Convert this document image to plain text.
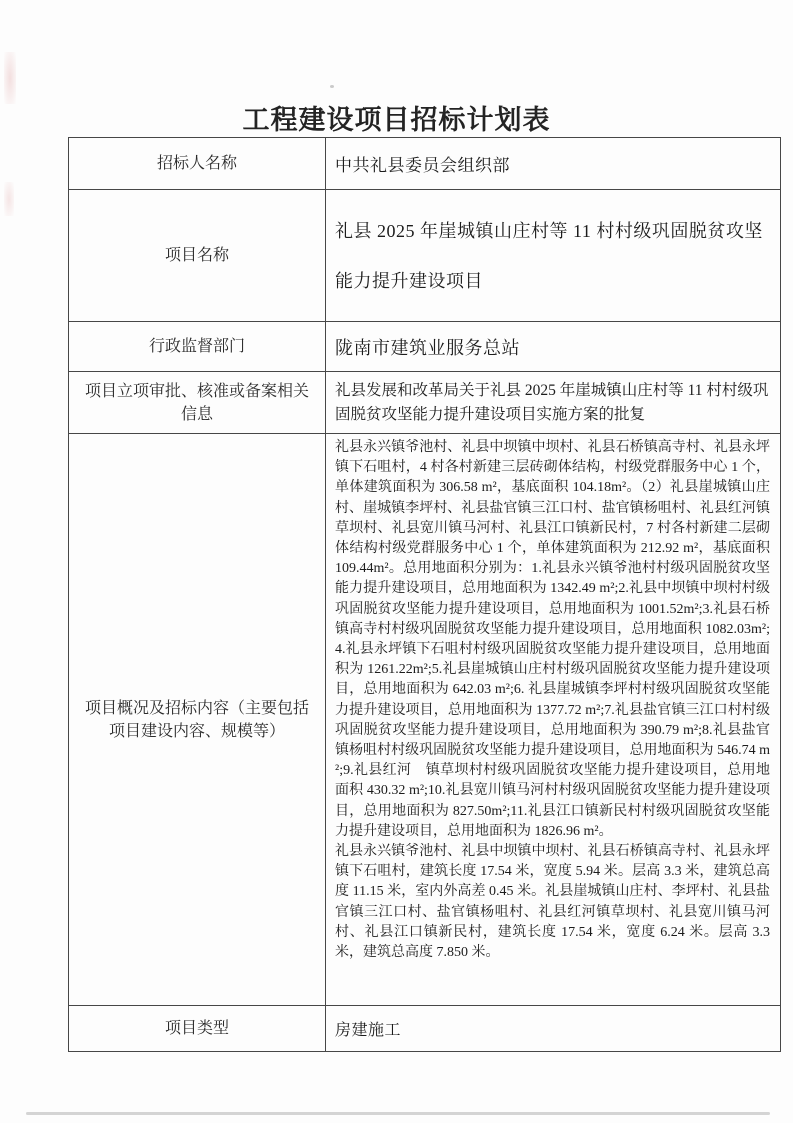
工程建设项目招标计划表
招标人名称	中共礼县委员会组织部
项目名称	礼县 2025 年崖城镇山庄村等 11 村村级巩固脱贫攻坚能力提升建设项目
行政监督部门	陇南市建筑业服务总站
项目立项审批、核准或备案相关信息	礼县发展和改革局关于礼县 2025 年崖城镇山庄村等 11 村村级巩固脱贫攻坚能力提升建设项目实施方案的批复
项目概况及招标内容（主要包括项目建设内容、规模等）	礼县永兴镇爷池村、礼县中坝镇中坝村、礼县石桥镇高寺村、礼县永坪镇下石咀村，4 村各村新建三层砖砌体结构，村级党群服务中心 1 个，单体建筑面积为 306.58 m²，基底面积 104.18m²。（2）礼县崖城镇山庄村、崖城镇李坪村、礼县盐官镇三江口村、盐官镇杨咀村、礼县红河镇草坝村、礼县宽川镇马河村、礼县江口镇新民村，7 村各村新建二层砌体结构村级党群服务中心 1 个，单体建筑面积为 212.92 m²，基底面积 109.44m²。总用地面积分别为：1.礼县永兴镇爷池村村级巩固脱贫攻坚能力提升建设项目，总用地面积为 1342.49 m²;2.礼县中坝镇中坝村村级巩固脱贫攻坚能力提升建设项目，总用地面积为 1001.52m²;3.礼县石桥镇高寺村村级巩固脱贫攻坚能力提升建设项目，总用地面积 1082.03m²;4.礼县永坪镇下石咀村村级巩固脱贫攻坚能力提升建设项目，总用地面积为 1261.22m²;5.礼县崖城镇山庄村村级巩固脱贫攻坚能力提升建设项目，总用地面积为 642.03 m²;6. 礼县崖城镇李坪村村级巩固脱贫攻坚能力提升建设项目，总用地面积为 1377.72 m²;7.礼县盐官镇三江口村村级巩固脱贫攻坚能力提升建设项目，总用地面积为 390.79 m²;8.礼县盐官镇杨咀村村级巩固脱贫攻坚能力提升建设项目，总用地面积为 546.74 m²;9.礼县红河　镇草坝村村级巩固脱贫攻坚能力提升建设项目，总用地面积 430.32 m²;10.礼县宽川镇马河村村级巩固脱贫攻坚能力提升建设项目，总用地面积为 827.50m²;11.礼县江口镇新民村村级巩固脱贫攻坚能力提升建设项目，总用地面积为 1826.96 m²。

礼县永兴镇爷池村、礼县中坝镇中坝村、礼县石桥镇高寺村、礼县永坪镇下石咀村，建筑长度 17.54 米，宽度 5.94 米。层高 3.3 米，建筑总高度 11.15 米，室内外高差 0.45 米。礼县崖城镇山庄村、李坪村、礼县盐官镇三江口村、盐官镇杨咀村、礼县红河镇草坝村、礼县宽川镇马河村、礼县江口镇新民村，建筑长度 17.54 米，宽度 6.24 米。层高 3.3 米，建筑总高度 7.850 米。

项目类型	房建施工
